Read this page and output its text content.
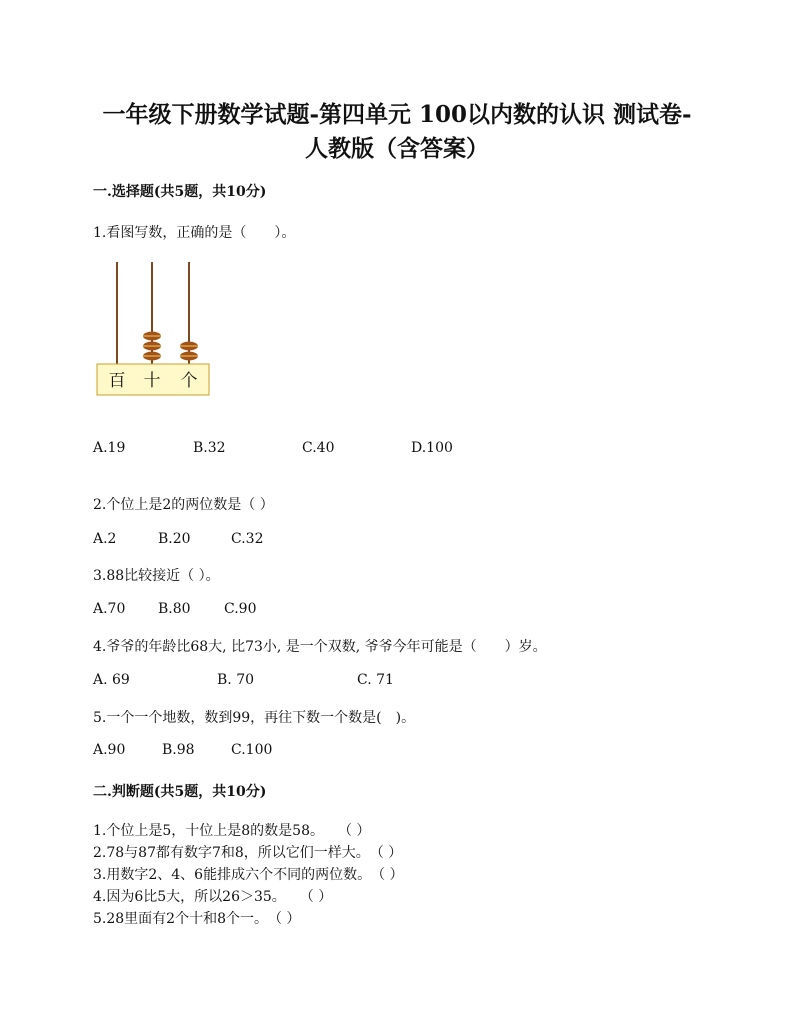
一年级下册数学试题-第四单元 100以内数的认识 测试卷-
人教版（含答案）
一.选择题(共5题，共10分)
1.看图写数，正确的是（　　）。
百 十 个
A.19	B.32	C.40	D.100
2.个位上是2的两位数是（ ）
A.2	B.20	C.32
3.88比较接近（ ）。
A.70 B.80 C.90
4.爷爷的年龄比68大, 比73小, 是一个双数, 爷爷今年可能是（　　）岁。
A. 69	B. 70	C. 71
5.一个一个地数，数到99，再往下数一个数是(　)。
A.90	B.98	C.100
二.判断题(共5题，共10分)
1.个位上是5，十位上是8的数是58。　　（ ）
2.78与87都有数字7和8，所以它们一样大。　（ ）
3.用数字2、4、6能排成六个不同的两位数。　（ ）
4.因为6比5大，所以26＞35。　　（ ）
5.28里面有2个十和8个一。　（ ）
